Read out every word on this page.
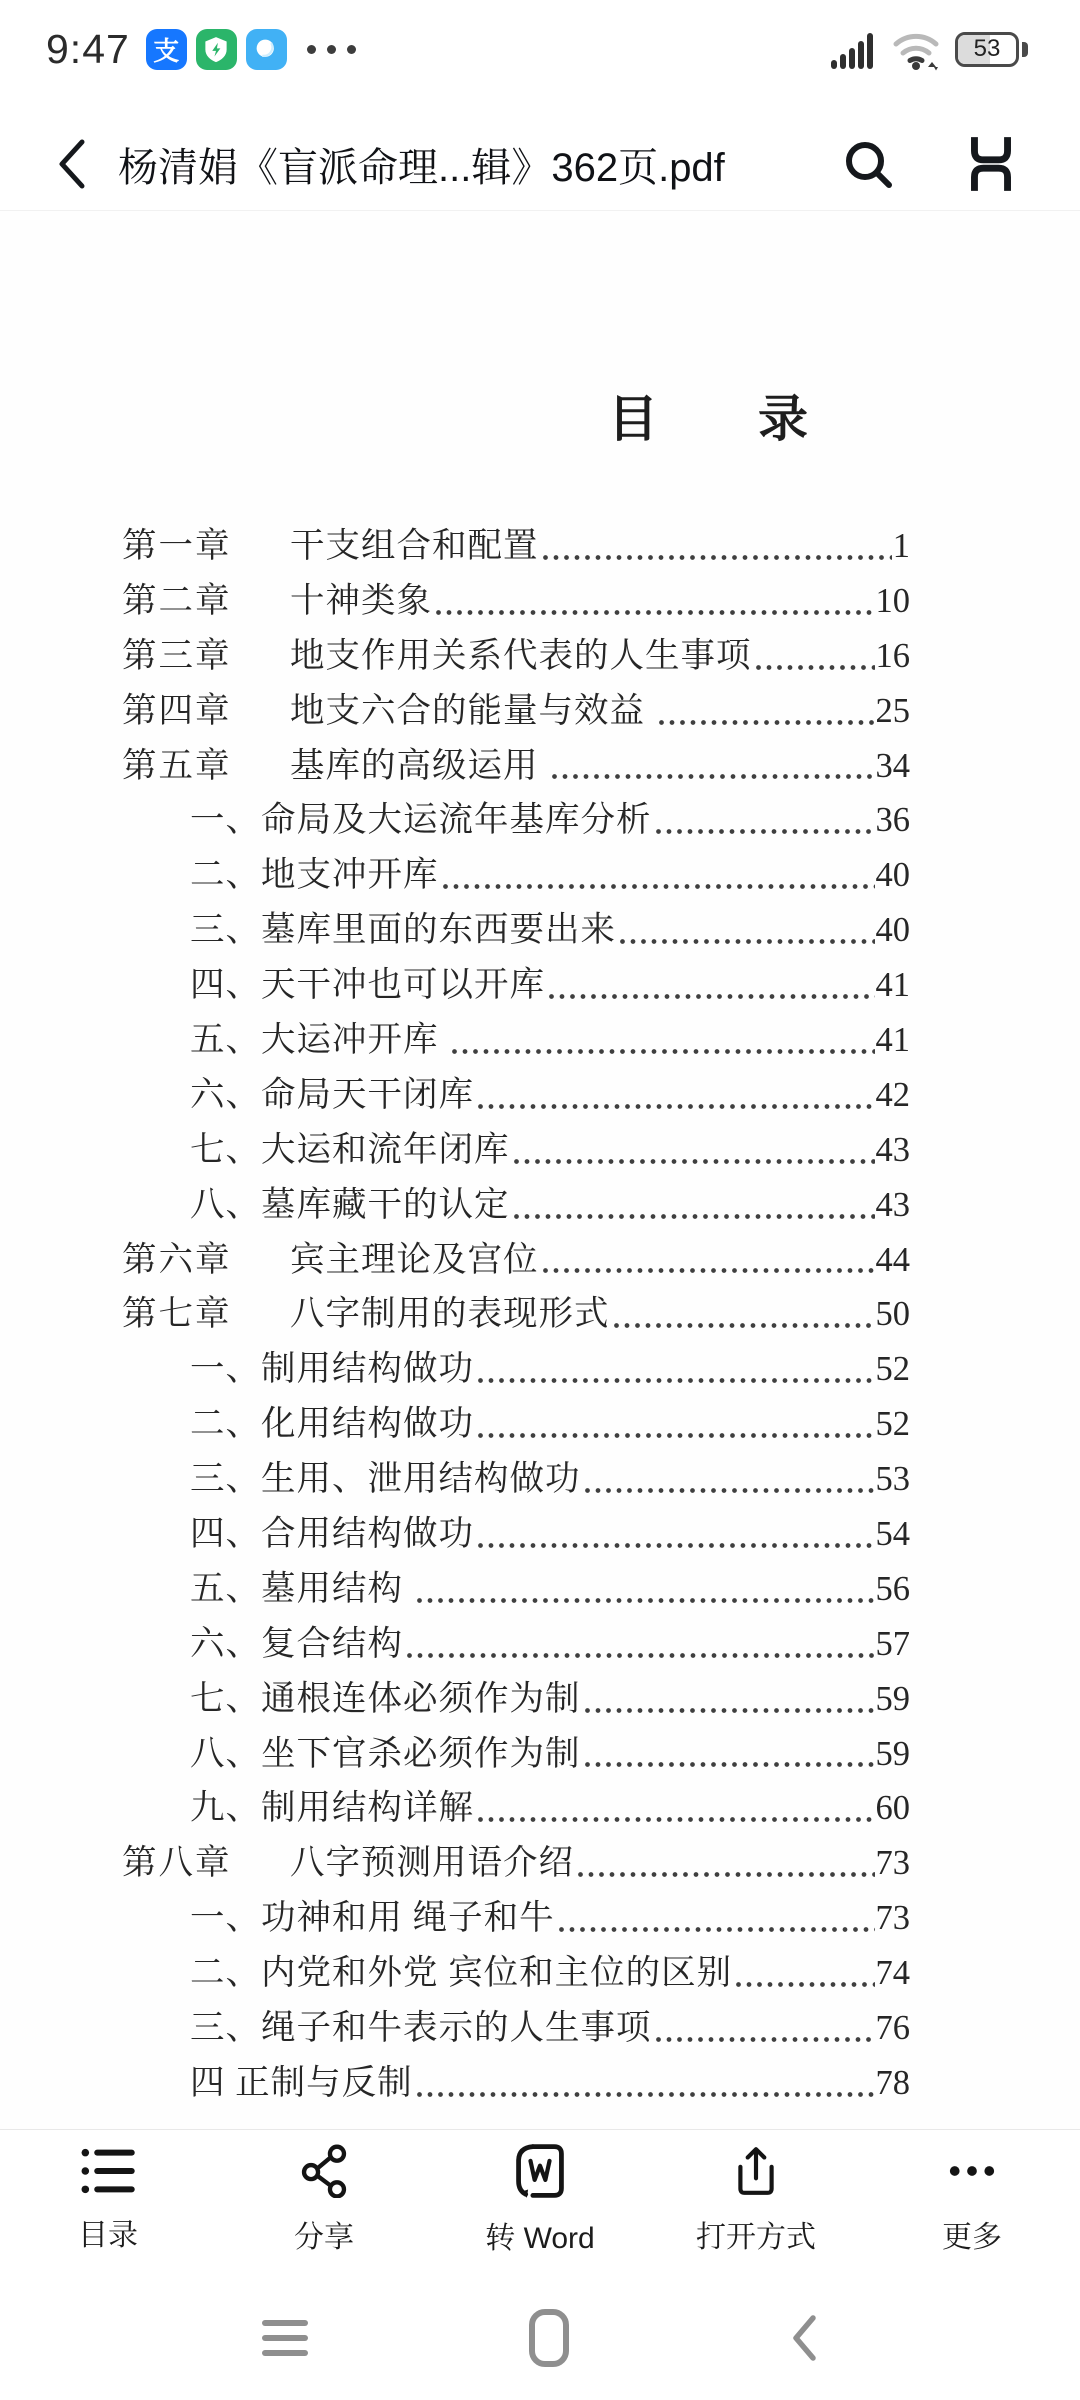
9:47 支	53
杨清娟《盲派命理...辑》362页.pdf
目　　录
第一章	干支组合和配置	1
第二章	十神类象	10
第三章	地支作用关系代表的人生事项	16
第四章	地支六合的能量与效益	25
第五章	基库的高级运用	34
一、命局及大运流年基库分析	36
二、地支冲开库	40
三、墓库里面的东西要出来	40
四、天干冲也可以开库	41
五、大运冲开库	41
六、命局天干闭库	42
七、大运和流年闭库	43
八、墓库藏干的认定	43
第六章	宾主理论及宫位	44
第七章	八字制用的表现形式	50
一、制用结构做功	52
二、化用结构做功	52
三、生用、泄用结构做功	53
四、合用结构做功	54
五、墓用结构	56
六、复合结构	57
七、通根连体必须作为制	59
八、坐下官杀必须作为制	59
九、制用结构详解	60
第八章	八字预测用语介绍	73
一、功神和用 绳子和牛	73
二、内党和外党 宾位和主位的区别	74
三、绳子和牛表示的人生事项	76
四 正制与反制	78
目录	分享	转 Word	打开方式	更多
